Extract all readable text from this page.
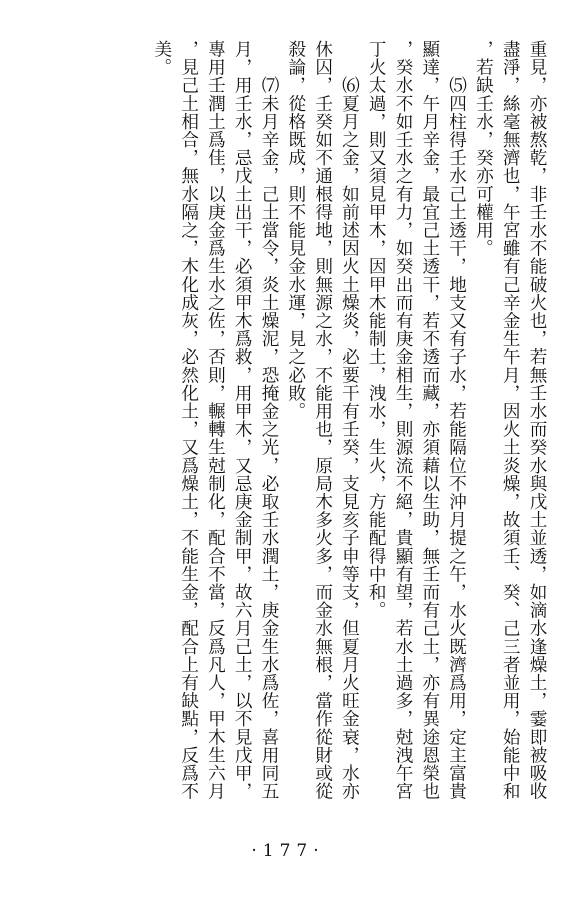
重見，亦被熬乾，非壬水不能破火也，若無壬水而癸水與戊土並透，如滴水逢燥土，霎即被吸收
盡淨，絲毫無濟也，午宮雖有己辛金生午月，因火土炎燥，故須壬、癸、己三者並用，始能中和
，若缺壬水，癸亦可權用。
　　⑸四柱得壬水己土透干，地支又有子水，若能隔位不沖月提之午，水火既濟爲用，定主富貴
顯達，午月辛金，最宜己土透干，若不透而藏，亦須藉以生助，無壬而有己土，亦有異途恩榮也
，癸水不如壬水之有力，如癸出而有庚金相生，則源流不絕，貴顯有望，若水土過多，尅洩午宮
丁火太過，則又須見甲木，因甲木能制土，洩水，生火，方能配得中和。
　　⑹夏月之金，如前述因火土燥炎，必要干有壬癸，支見亥子申等支，但夏月火旺金衰，水亦
休囚，壬癸如不通根得地，則無源之水，不能用也，原局木多火多，而金水無根，當作從財或從
殺論，從格既成，則不能見金水運，見之必敗。
　　⑺未月辛金，己土當令，炎土燥泥，恐掩金之光，必取壬水潤土，庚金生水爲佐，喜用同五
月，用壬水，忌戊土出干，必須甲木爲救，用甲木，又忌庚金制甲，故六月己土，以不見戊甲，
專用壬潤土爲佳，以庚金爲生水之佐，否則，輾轉生尅制化，配合不當，反爲凡人，甲木生六月
，見己土相合，無水隔之，木化成灰，必然化土，又爲燥土，不能生金，配合上有缺點，反爲不
美。
·177·
